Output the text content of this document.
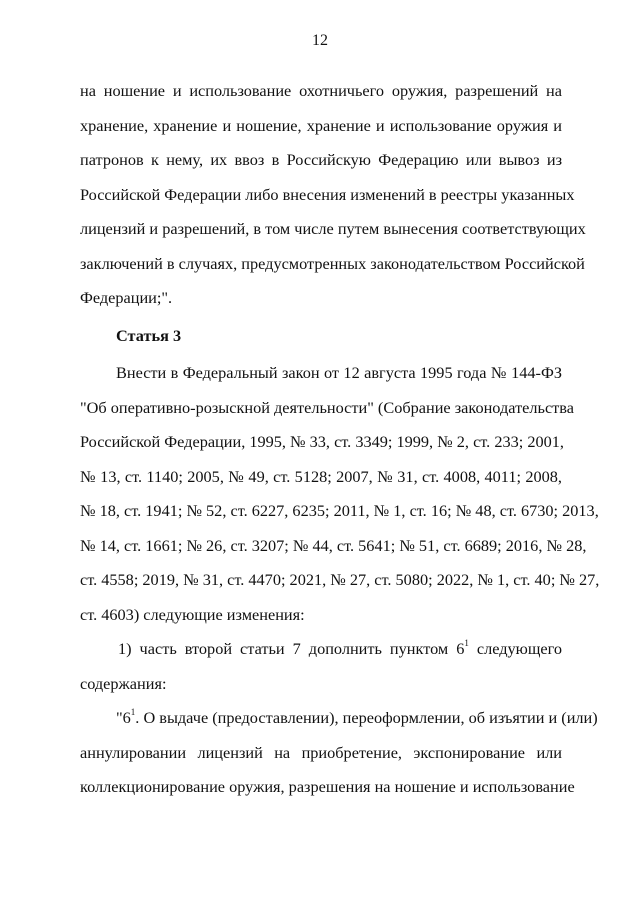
12
на ношение и использование охотничьего оружия, разрешений на
хранение, хранение и ношение, хранение и использование оружия и
патронов к нему, их ввоз в Российскую Федерацию или вывоз из
Российской Федерации либо внесения изменений в реестры указанных
лицензий и разрешений, в том числе путем вынесения соответствующих
заключений в случаях, предусмотренных законодательством Российской
Федерации;".
Статья 3
Внести в Федеральный закон от 12 августа 1995 года № 144-ФЗ
"Об оперативно-розыскной деятельности" (Собрание законодательства
Российской Федерации, 1995, № 33, ст. 3349; 1999, № 2, ст. 233; 2001,
№ 13, ст. 1140; 2005, № 49, ст. 5128; 2007, № 31, ст. 4008, 4011; 2008,
№ 18, ст. 1941; № 52, ст. 6227, 6235; 2011, № 1, ст. 16; № 48, ст. 6730; 2013,
№ 14, ст. 1661; № 26, ст. 3207; № 44, ст. 5641; № 51, ст. 6689; 2016, № 28,
ст. 4558; 2019, № 31, ст. 4470; 2021, № 27, ст. 5080; 2022, № 1, ст. 40; № 27,
ст. 4603) следующие изменения:
1) часть второй статьи 7 дополнить пунктом $6^1$ следующего
содержания:
"$6^1$. О выдаче (предоставлении), переоформлении, об изъятии и (или)
аннулировании лицензий на приобретение, экспонирование или
коллекционирование оружия, разрешения на ношение и использование
